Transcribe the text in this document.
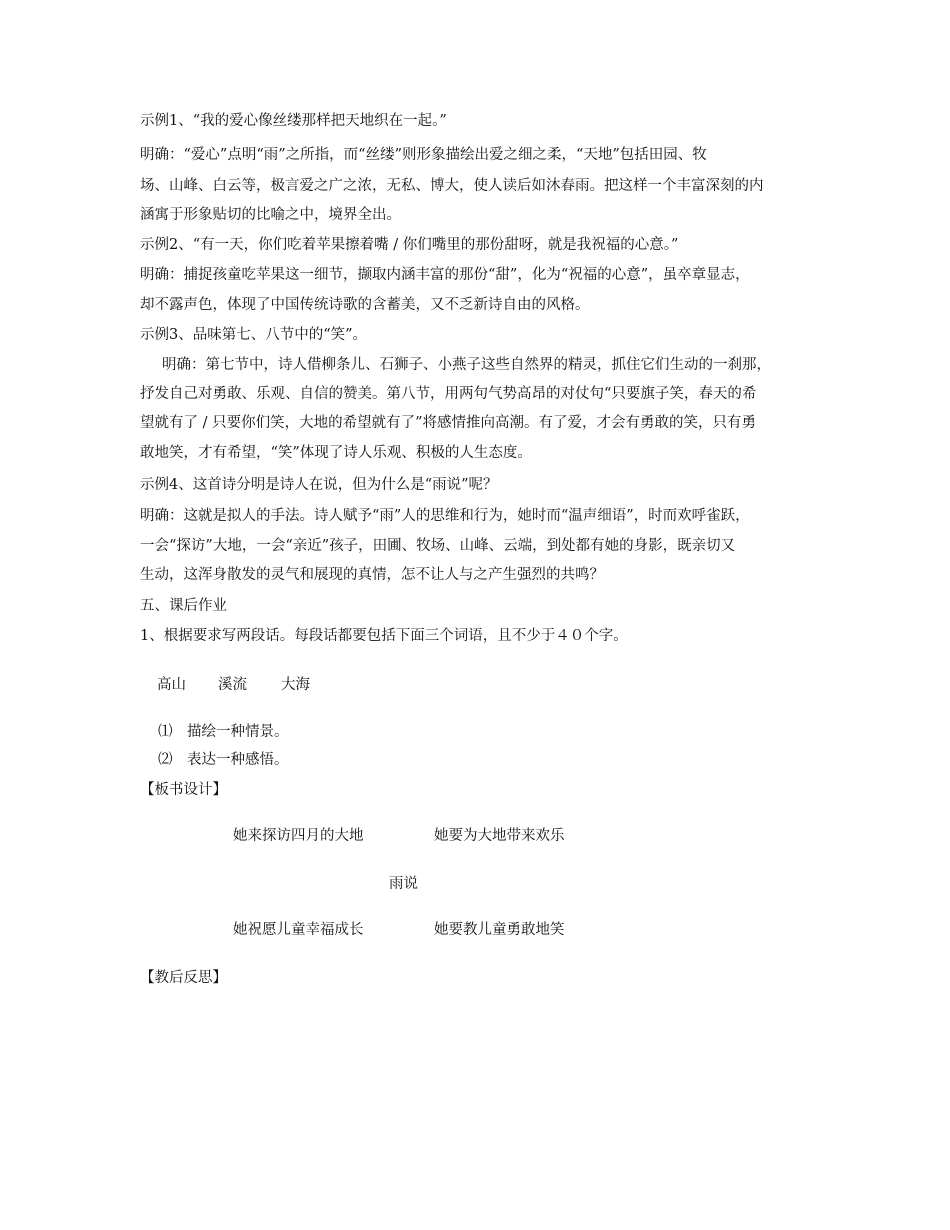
示例1、“我的爱心像丝缕那样把天地织在一起。”
明确：“爱心”点明“雨”之所指，而“丝缕”则形象描绘出爱之细之柔，“天地”包括田园、牧
场、山峰、白云等，极言爱之广之浓，无私、博大，使人读后如沐春雨。把这样一个丰富深刻的内
涵寓于形象贴切的比喻之中，境界全出。
示例2、“有一天，你们吃着苹果擦着嘴 / 你们嘴里的那份甜呀，就是我祝福的心意。”
明确：捕捉孩童吃苹果这一细节，撷取内涵丰富的那份“甜”，化为“祝福的心意”，虽卒章显志，
却不露声色，体现了中国传统诗歌的含蓄美，又不乏新诗自由的风格。
示例3、品味第七、八节中的“笑”。
明确：第七节中，诗人借柳条儿、石狮子、小燕子这些自然界的精灵，抓住它们生动的一刹那，
抒发自己对勇敢、乐观、自信的赞美。第八节，用两句气势高昂的对仗句“只要旗子笑，春天的希
望就有了 / 只要你们笑，大地的希望就有了”将感情推向高潮。有了爱，才会有勇敢的笑，只有勇
敢地笑，才有希望，“笑”体现了诗人乐观、积极的人生态度。
示例4、这首诗分明是诗人在说，但为什么是“雨说”呢？
明确：这就是拟人的手法。诗人赋予“雨”人的思维和行为，她时而“温声细语”，时而欢呼雀跃，
一会“探访”大地，一会“亲近”孩子，田圃、牧场、山峰、云端，到处都有她的身影，既亲切又
生动，这浑身散发的灵气和展现的真情，怎不让人与之产生强烈的共鸣？
五、课后作业
1、根据要求写两段话。每段话都要包括下面三个词语，且不少于４０个字。
高山 溪流 大海
⑴　描绘一种情景。
⑵　表达一种感悟。
【板书设计】
她来探访四月的大地	她要为大地带来欢乐
雨说
她祝愿儿童幸福成长	她要教儿童勇敢地笑
【教后反思】
